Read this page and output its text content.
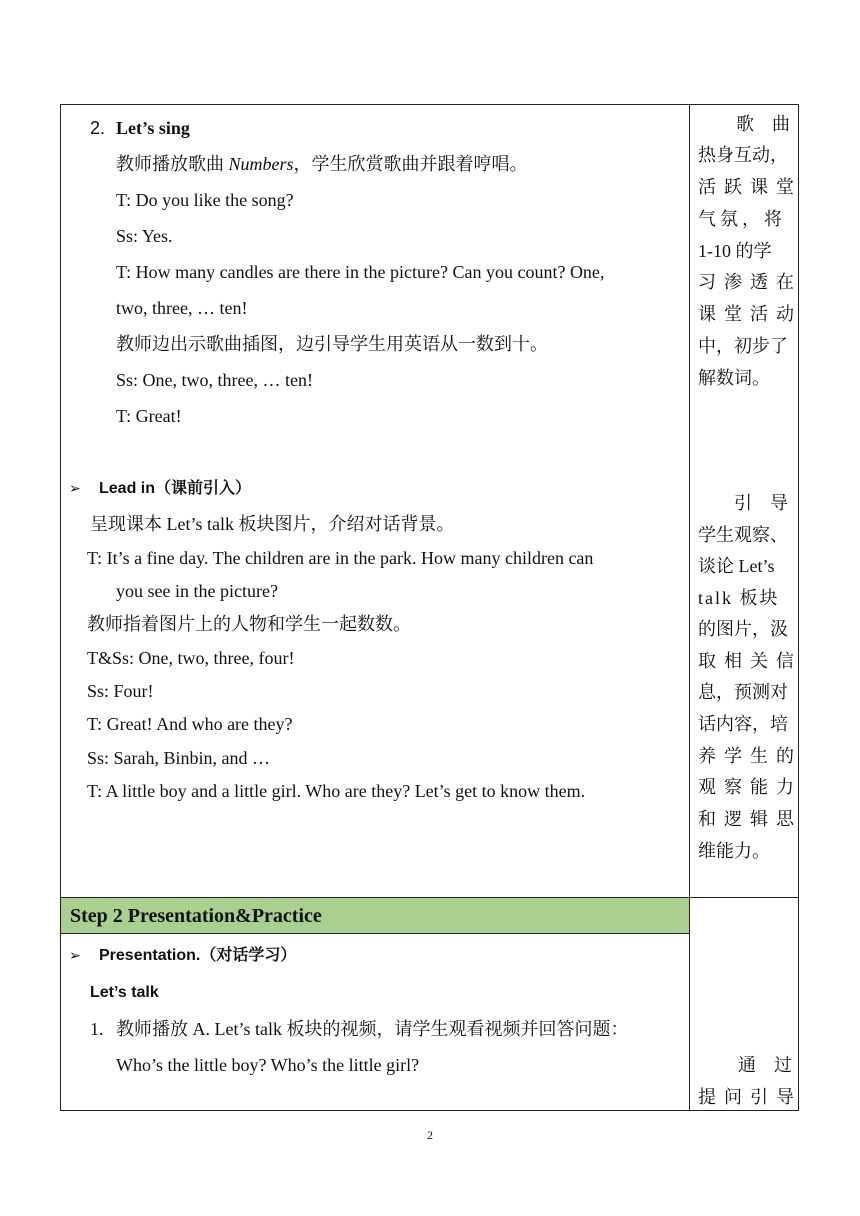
Step 2 Presentation&Practice
2. Let’s sing
教师播放歌曲 Numbers，学生欣赏歌曲并跟着哼唱。
T: Do you like the song?
Ss: Yes.
T: How many candles are there in the picture? Can you count? One,
two, three, … ten!
教师边出示歌曲插图，边引导学生用英语从一数到十。
Ss: One, two, three, … ten!
T: Great!
➢ Lead in（课前引入）
呈现课本 Let’s talk 板块图片，介绍对话背景。
T: It’s a fine day. The children are in the park. How many children can
you see in the picture?
教师指着图片上的人物和学生一起数数。
T&Ss: One, two, three, four!
Ss: Four!
T: Great! And who are they?
Ss: Sarah, Binbin, and …
T: A little boy and a little girl. Who are they? Let’s get to know them.
➢ Presentation.（对话学习）
Let’s talk
1. 教师播放 A. Let’s talk 板块的视频，请学生观看视频并回答问题：
Who’s the little boy? Who’s the little girl?
歌　曲
热身互动，
活跃课堂
气氛，将
1-10 的学
习渗透在
课堂活动
中，初步了
解数词。
引　导
学生观察、
谈论 Let’s
talk 板块
的图片，汲
取相关信
息，预测对
话内容，培
养学生的
观察能力
和逻辑思
维能力。
通　过
提问引导
2
